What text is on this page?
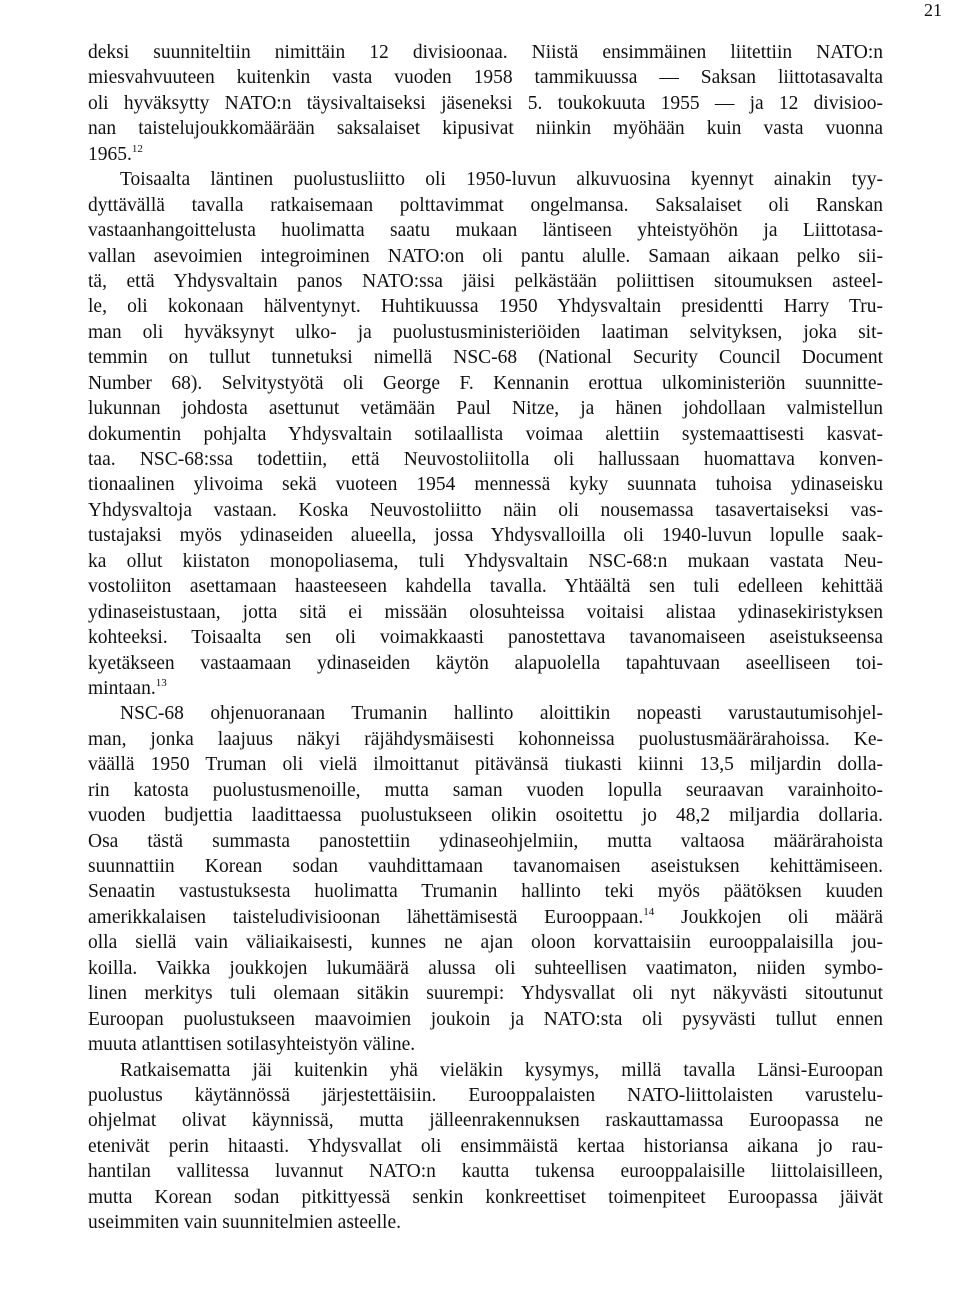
21
deksi suunniteltiin nimittäin 12 divisioonaa. Niistä ensimmäinen liitettiin NATO:n
miesvahvuuteen kuitenkin vasta vuoden 1958 tammikuussa — Saksan liittotasavalta
oli hyväksytty NATO:n täysivaltaiseksi jäseneksi 5. toukokuuta 1955 — ja 12 divisioo-
nan taistelujoukkomäärään saksalaiset kipusivat niinkin myöhään kuin vasta vuonna
1965.12
Toisaalta läntinen puolustusliitto oli 1950-luvun alkuvuosina kyennyt ainakin tyy-
dyttävällä tavalla ratkaisemaan polttavimmat ongelmansa. Saksalaiset oli Ranskan
vastaanhangoittelusta huolimatta saatu mukaan läntiseen yhteistyöhön ja Liittotasa-
vallan asevoimien integroiminen NATO:on oli pantu alulle. Samaan aikaan pelko sii-
tä, että Yhdysvaltain panos NATO:ssa jäisi pelkästään poliittisen sitoumuksen asteel-
le, oli kokonaan hälventynyt. Huhtikuussa 1950 Yhdysvaltain presidentti Harry Tru-
man oli hyväksynyt ulko- ja puolustusministeriöiden laatiman selvityksen, joka sit-
temmin on tullut tunnetuksi nimellä NSC-68 (National Security Council Document
Number 68). Selvitystyötä oli George F. Kennanin erottua ulkoministeriön suunnitte-
lukunnan johdosta asettunut vetämään Paul Nitze, ja hänen johdollaan valmistellun
dokumentin pohjalta Yhdysvaltain sotilaallista voimaa alettiin systemaattisesti kasvat-
taa. NSC-68:ssa todettiin, että Neuvostoliitolla oli hallussaan huomattava konven-
tionaalinen ylivoima sekä vuoteen 1954 mennessä kyky suunnata tuhoisa ydinaseisku
Yhdysvaltoja vastaan. Koska Neuvostoliitto näin oli nousemassa tasavertaiseksi vas-
tustajaksi myös ydinaseiden alueella, jossa Yhdysvalloilla oli 1940-luvun lopulle saak-
ka ollut kiistaton monopoliasema, tuli Yhdysvaltain NSC-68:n mukaan vastata Neu-
vostoliiton asettamaan haasteeseen kahdella tavalla. Yhtäältä sen tuli edelleen kehittää
ydinaseistustaan, jotta sitä ei missään olosuhteissa voitaisi alistaa ydinasekiristyksen
kohteeksi. Toisaalta sen oli voimakkaasti panostettava tavanomaiseen aseistukseensa
kyetäkseen vastaamaan ydinaseiden käytön alapuolella tapahtuvaan aseelliseen toi-
mintaan.$^{13}$
NSC-68 ohjenuoranaan Trumanin hallinto aloittikin nopeasti varustautumisohjel-
man, jonka laajuus näkyi räjähdysmäisesti kohonneissa puolustusmäärärahoissa. Ke-
väällä 1950 Truman oli vielä ilmoittanut pitävänsä tiukasti kiinni 13,5 miljardin dolla-
rin katosta puolustusmenoille, mutta saman vuoden lopulla seuraavan varainhoito-
vuoden budjettia laadittaessa puolustukseen olikin osoitettu jo 48,2 miljardia dollaria.
Osa tästä summasta panostettiin ydinaseohjelmiin, mutta valtaosa määrärahoista
suunnattiin Korean sodan vauhdittamaan tavanomaisen aseistuksen kehittämiseen.
Senaatin vastustuksesta huolimatta Trumanin hallinto teki myös päätöksen kuuden
amerikkalaisen taisteludivisioonan lähettämisestä Eurooppaan.$^{14}$ Joukkojen oli määrä
olla siellä vain väliaikaisesti, kunnes ne ajan oloon korvattaisiin eurooppalaisilla jou-
koilla. Vaikka joukkojen lukumäärä alussa oli suhteellisen vaatimaton, niiden symbo-
linen merkitys tuli olemaan sitäkin suurempi: Yhdysvallat oli nyt näkyvästi sitoutunut
Euroopan puolustukseen maavoimien joukoin ja NATO:sta oli pysyvästi tullut ennen
muuta atlanttisen sotilasyhteistyön väline.
Ratkaisematta jäi kuitenkin yhä vieläkin kysymys, millä tavalla Länsi-Euroopan
puolustus käytännössä järjestettäisiin. Eurooppalaisten NATO-liittolaisten varustelu-
ohjelmat olivat käynnissä, mutta jälleenrakennuksen raskauttamassa Euroopassa ne
etenivät perin hitaasti. Yhdysvallat oli ensimmäistä kertaa historiansa aikana jo rau-
hantilan vallitessa luvannut NATO:n kautta tukensa eurooppalaisille liittolaisilleen,
mutta Korean sodan pitkittyessä senkin konkreettiset toimenpiteet Euroopassa jäivät
useimmiten vain suunnitelmien asteelle.
